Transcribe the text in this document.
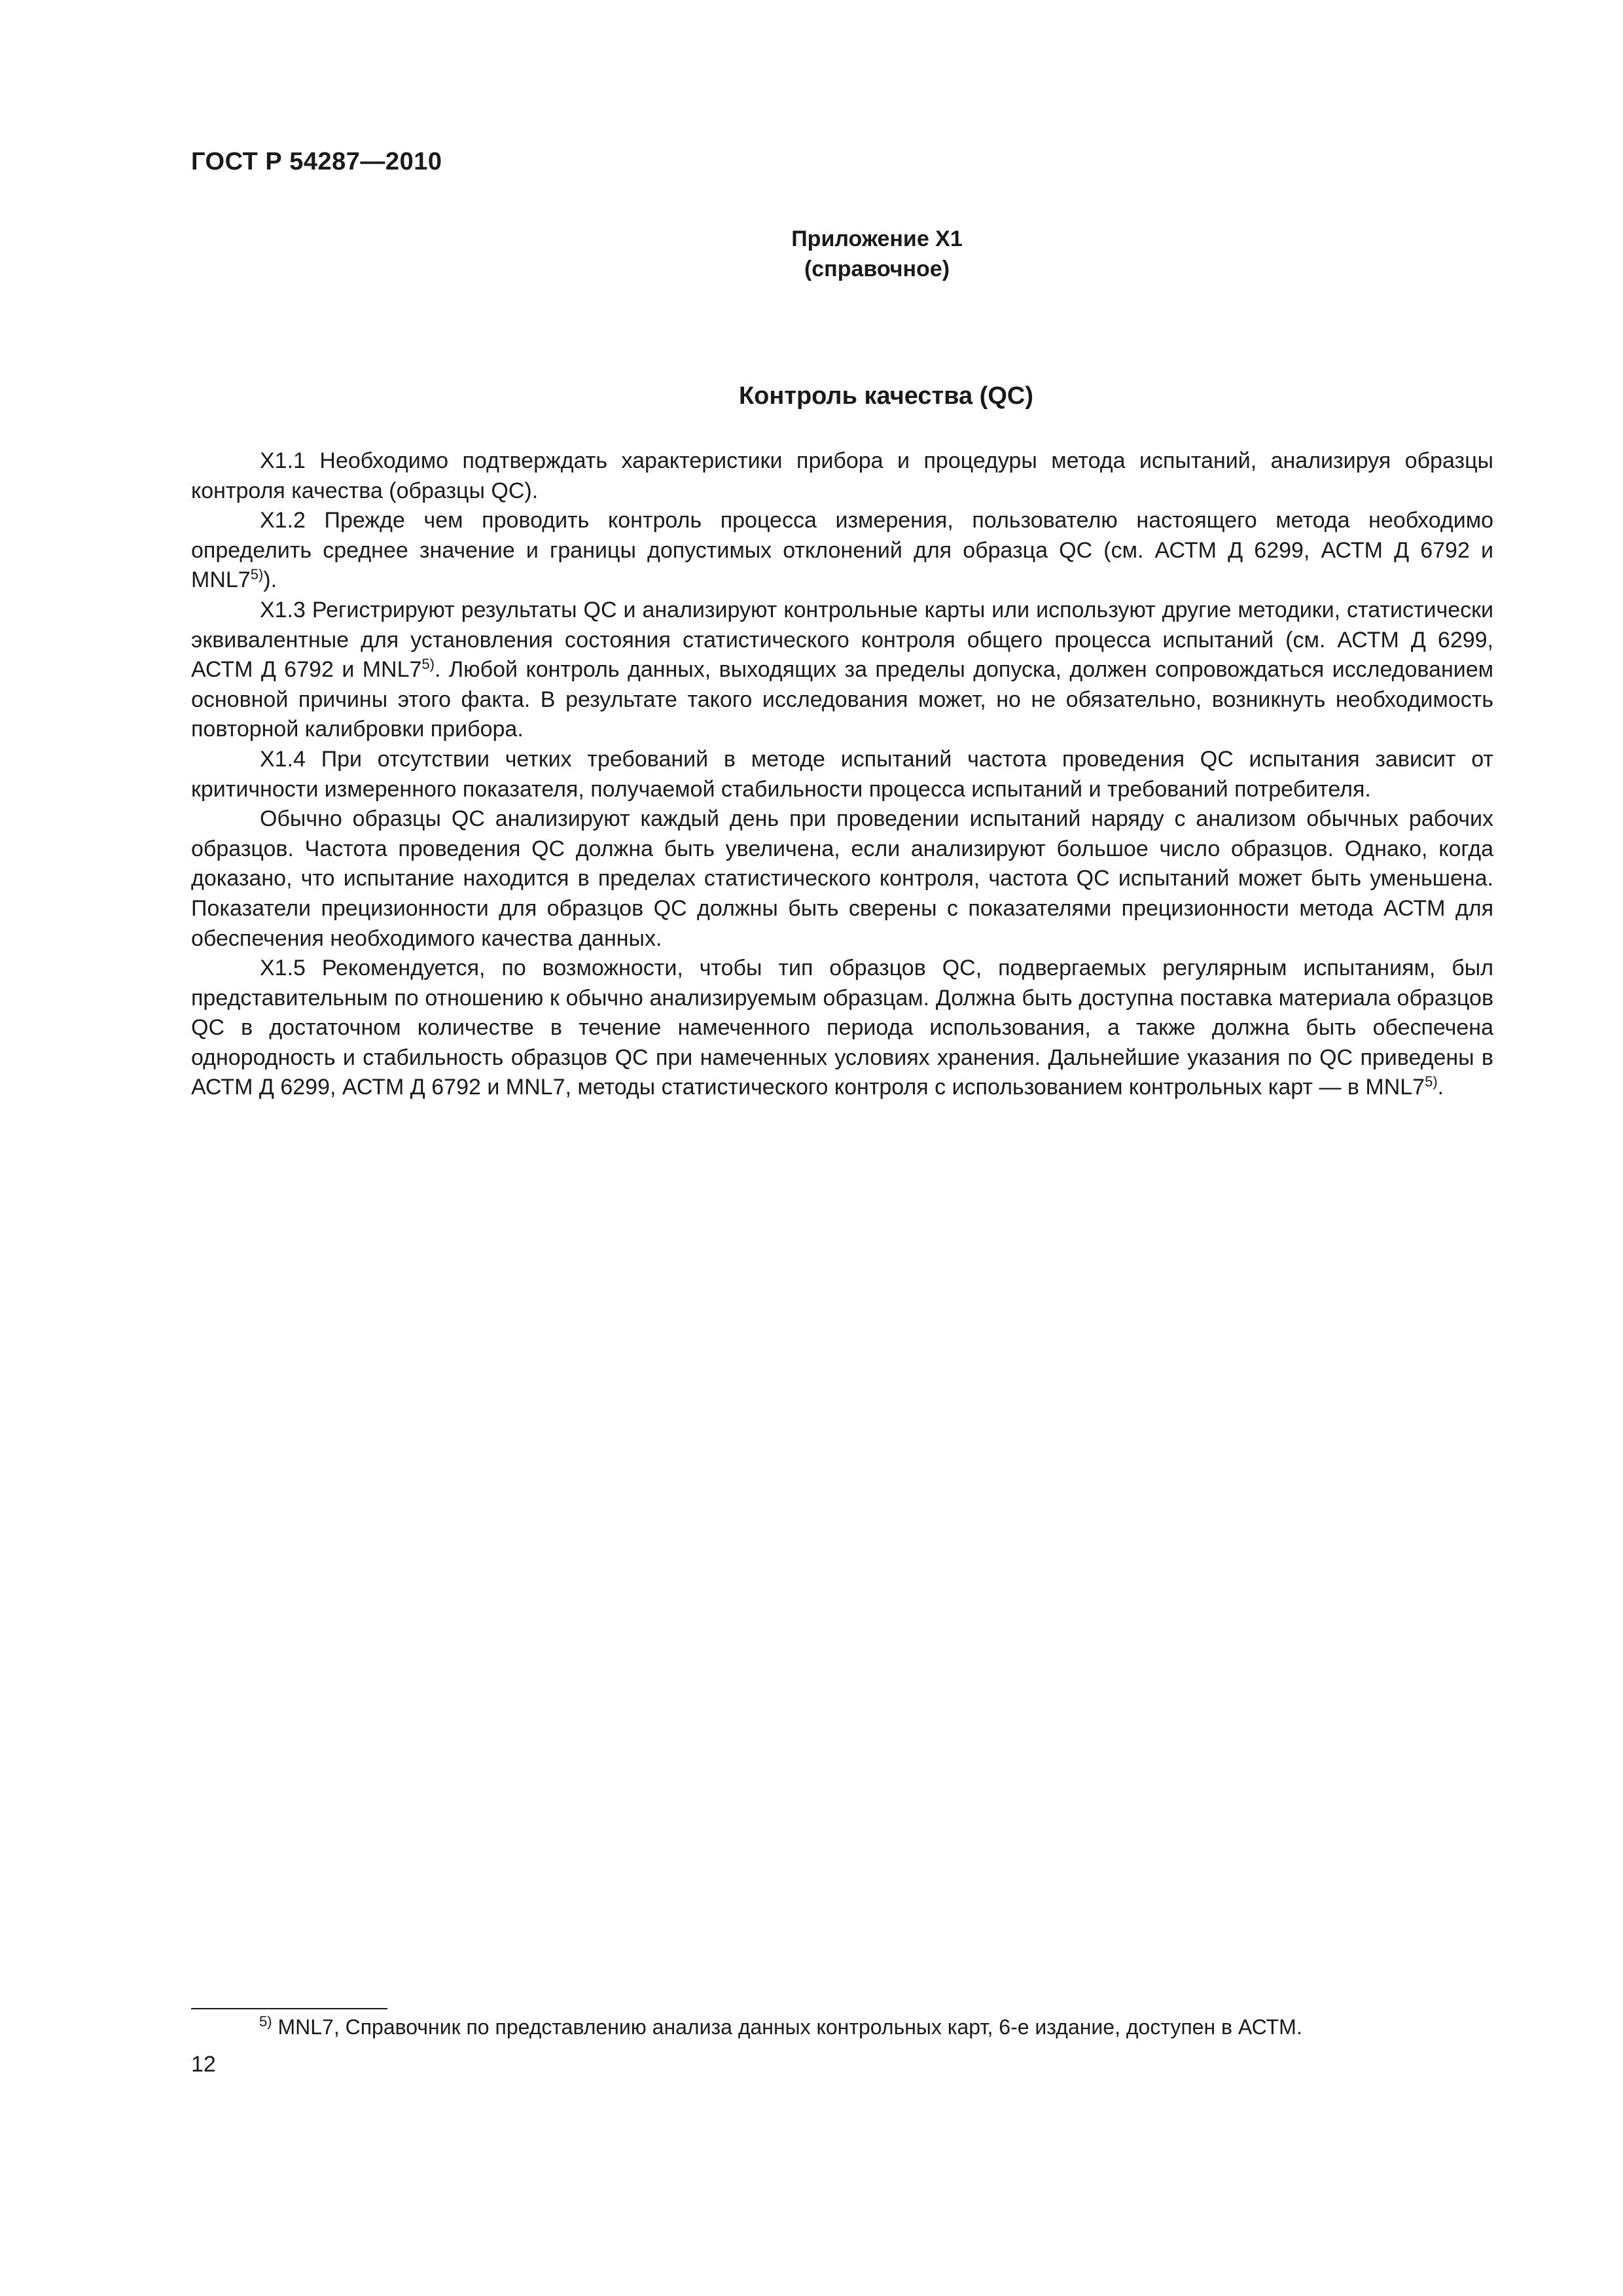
ГОСТ Р 54287—2010
Приложение Х1
(справочное)
Контроль качества (QC)

X1.1 Необходимо подтверждать характеристики прибора и процедуры метода испытаний, анализируя образцы контроля качества (образцы QC).

X1.2 Прежде чем проводить контроль процесса измерения, пользователю настоящего метода необходимо определить среднее значение и границы допустимых отклонений для образца QC (см. АСТМ Д 6299, АСТМ Д 6792 и MNL7$^{5)}$).

X1.3 Регистрируют результаты QC и анализируют контрольные карты или используют другие методики, статистически эквивалентные для установления состояния статистического контроля общего процесса испытаний (см. АСТМ Д 6299, АСТМ Д 6792 и MNL7$^{5)}$. Любой контроль данных, выходящих за пределы допуска, должен сопровождаться исследованием основной причины этого факта. В результате такого исследования может, но не обязательно, возникнуть необходимость повторной калибровки прибора.

X1.4 При отсутствии четких требований в методе испытаний частота проведения QC испытания зависит от критичности измеренного показателя, получаемой стабильности процесса испытаний и требований потребителя.

Обычно образцы QC анализируют каждый день при проведении испытаний наряду с анализом обычных рабочих образцов. Частота проведения QC должна быть увеличена, если анализируют большое число образцов. Однако, когда доказано, что испытание находится в пределах статистического контроля, частота QC испытаний может быть уменьшена. Показатели прецизионности для образцов QC должны быть сверены с показателями прецизионности метода АСТМ для обеспечения необходимого качества данных.

X1.5 Рекомендуется, по возможности, чтобы тип образцов QC, подвергаемых регулярным испытаниям, был представительным по отношению к обычно анализируемым образцам. Должна быть доступна поставка материала образцов QC в достаточном количестве в течение намеченного периода использования, а также должна быть обеспечена однородность и стабильность образцов QC при намеченных условиях хранения. Дальнейшие указания по QC приведены в АСТМ Д 6299, АСТМ Д 6792 и MNL7, методы статистического контроля с использованием контрольных карт — в MNL7$^{5)}$.

$^{5)}$ MNL7, Справочник по представлению анализа данных контрольных карт, 6-е издание, доступен в АСТМ.
12
